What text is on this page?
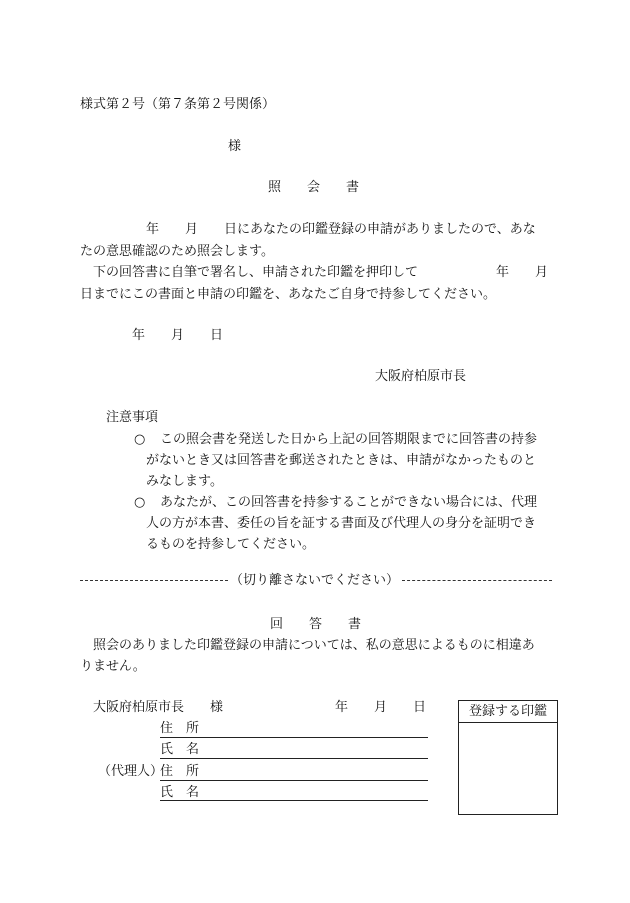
様式第２号（第７条第２号関係）
様
照　　会　　書
年　　月　　日にあなたの印鑑登録の申請がありましたので、あな
たの意思確認のため照会します。
下の回答書に自筆で署名し、申請された印鑑を押印して	年　　月
日までにこの書面と申請の印鑑を、あなたご自身で持参してください。
年　　月　　日
大阪府柏原市長
注意事項
○ この照会書を発送した日から上記の回答期限までに回答書の持参
がないとき又は回答書を郵送されたときは、申請がなかったものと
みなします。
○ あなたが、この回答書を持参することができない場合には、代理
人の方が本書、委任の旨を証する書面及び代理人の身分を証明でき
るものを持参してください。
（切り離さないでください）
回　　答　　書
照会のありました印鑑登録の申請については、私の意思によるものに相違あ
りません。
大阪府柏原市長　　様	年　　月　　日
住　所
氏　名
（代理人）
住　所
氏　名
登録する印鑑
